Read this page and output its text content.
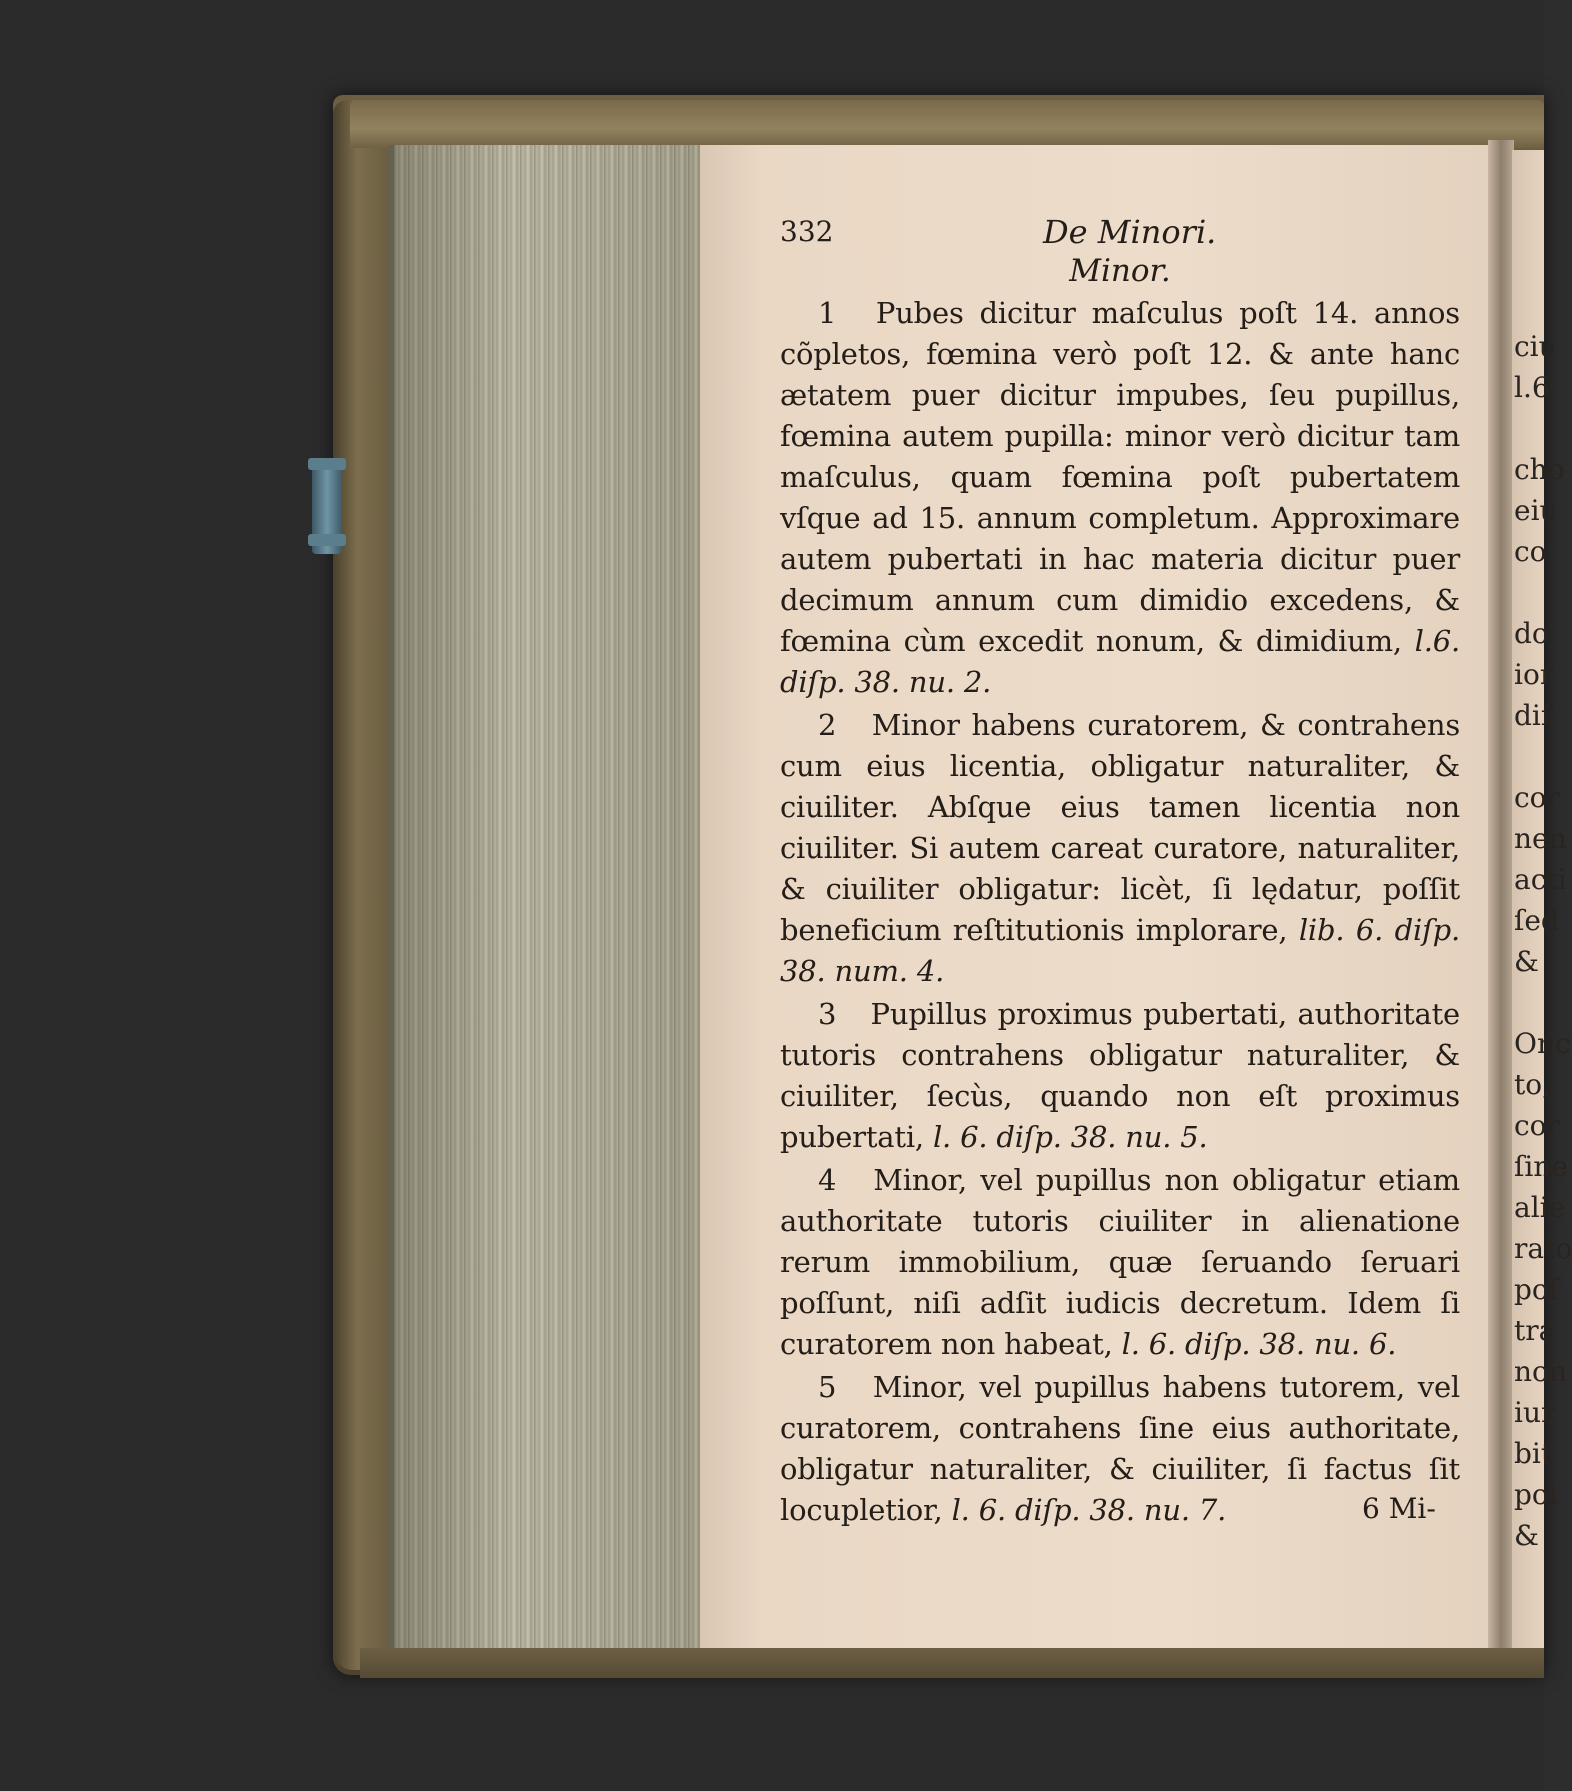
ciu
l.6
cho
eiu
co
do
ior
diſ
cor
nen
acti
ſed
&
Onc
to,
cor
ſine
alie
rato
poſ
tra
non
iur
bit
poi
&
332	De Minori.
Minor.

1 Pubes dicitur maſculus poſt 14. annos cõpletos, fœmina verò poſt 12. & ante hanc ætatem puer dicitur impubes, ſeu pupillus, fœmina autem pupilla: minor verò dicitur tam maſculus, quam fœmina poſt pubertatem vſque ad 15. annum completum. Approximare autem pubertati in hac materia dicitur puer decimum annum cum dimidio excedens, & fœmina cùm excedit nonum, & dimidium, l.6. diſp. 38. nu. 2.

2 Minor habens curatorem, & contrahens cum eius licentia, obligatur naturaliter, & ciuiliter. Abſque eius tamen licentia non ciuiliter. Si autem careat curatore, naturaliter, & ciuiliter obligatur: licèt, ſi lędatur, poſſit beneficium reſtitutionis implorare, lib. 6. diſp. 38. num. 4.

3 Pupillus proximus pubertati, authoritate tutoris contrahens obligatur naturaliter, & ciuiliter, ſecùs, quando non eſt proximus pubertati, l. 6. diſp. 38. nu. 5.

4 Minor, vel pupillus non obligatur etiam authoritate tutoris ciuiliter in alienatione rerum immobilium, quæ ſeruando ſeruari poſſunt, niſi adſit iudicis decretum. Idem ſi curatorem non habeat, l. 6. diſp. 38. nu. 6.

5 Minor, vel pupillus habens tutorem, vel curatorem, contrahens ſine eius authoritate, obligatur naturaliter, & ciuiliter, ſi factus ſit locupletior, l. 6. diſp. 38. nu. 7.	6 Mi-
